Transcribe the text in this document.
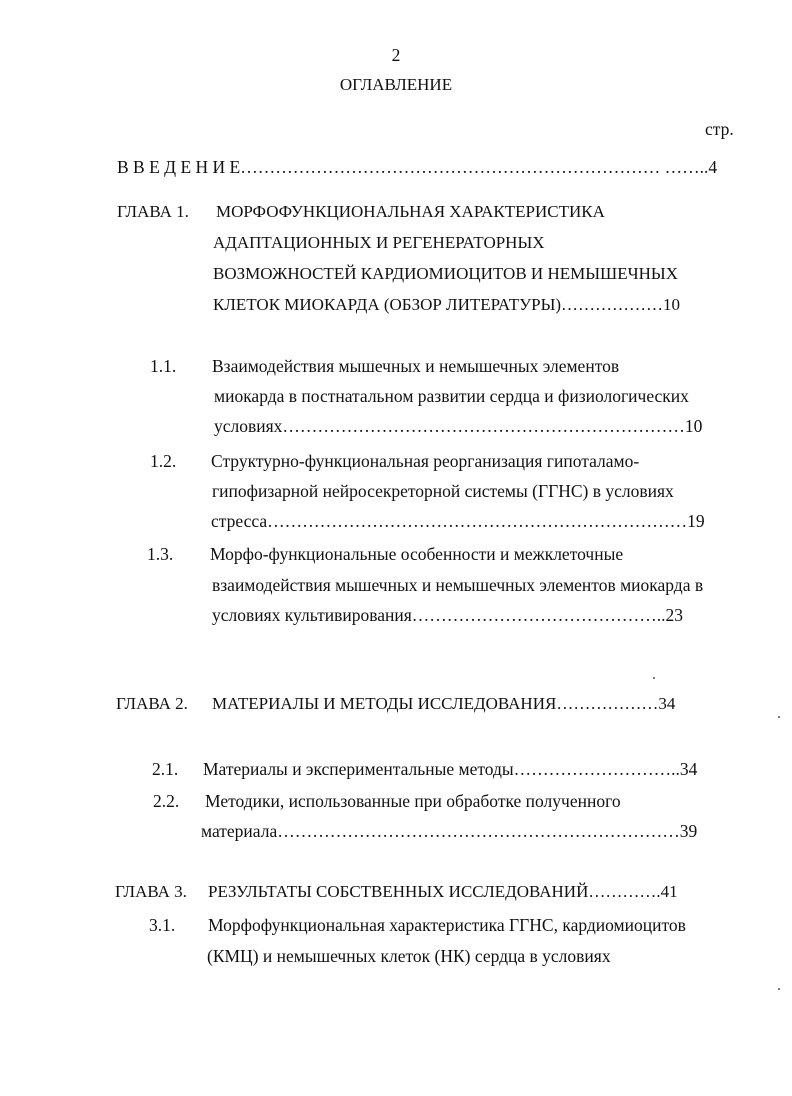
2
ОГЛАВЛЕНИЕ
стр.
В В Е Д Е Н И Е……………………………………………………………… ……..4
ГЛАВА 1. МОРФОФУНКЦИОНАЛЬНАЯ ХАРАКТЕРИСТИКА
АДАПТАЦИОННЫХ И РЕГЕНЕРАТОРНЫХ
ВОЗМОЖНОСТЕЙ КАРДИОМИОЦИТОВ И НЕМЫШЕЧНЫХ
КЛЕТОК МИОКАРДА (ОБЗОР ЛИТЕРАТУРЫ)………………10
1.1. Взаимодействия мышечных и немышечных элементов
миокарда в постнатальном развитии сердца и физиологических
условиях……………………………………………………………10
1.2. Структурно-функциональная реорганизация гипоталамо-
гипофизарной нейросекреторной системы (ГГНС) в условиях
стресса………………………………………………………………19
1.3. Морфо-функциональные особенности и межклеточные
взаимодействия мышечных и немышечных элементов миокарда в
условиях культивирования……………………………………..23
ГЛАВА 2. МАТЕРИАЛЫ И МЕТОДЫ ИССЛЕДОВАНИЯ………………34
2.1. Материалы и экспериментальные методы………………………..34
2.2. Методики, использованные при обработке полученного
материала……………………………………………………………39
ГЛАВА 3. РЕЗУЛЬТАТЫ СОБСТВЕННЫХ ИССЛЕДОВАНИЙ………….41
3.1. Морфофункциональная характеристика ГГНС, кардиомиоцитов
(КМЦ) и немышечных клеток (НК) сердца в условиях
